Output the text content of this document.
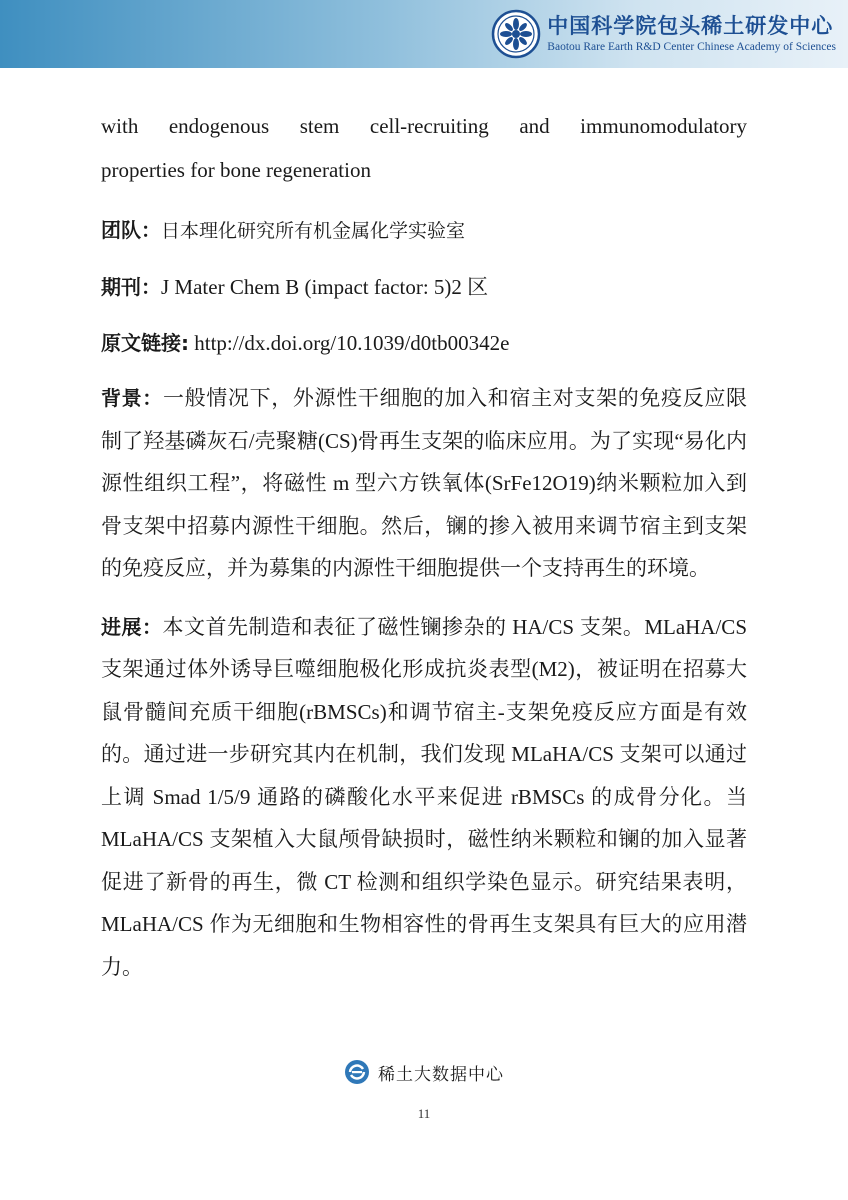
中国科学院包头稀土研发中心
Baotou Rare Earth R&D Center Chinese Academy of Sciences

with endogenous stem cell-recruiting and immunomodulatory
properties for bone regeneration

团队：日本理化研究所有机金属化学实验室

期刊：J Mater Chem B (impact factor: 5)2 区

原文链接: http://dx.doi.org/10.1039/d0tb00342e

背景：一般情况下，外源性干细胞的加入和宿主对支架的免疫反应限制了羟基磷灰石/壳聚糖(CS)骨再生支架的临床应用。为了实现“易化内源性组织工程”，将磁性 m 型六方铁氧体(SrFe12O19)纳米颗粒加入到骨支架中招募内源性干细胞。然后，镧的掺入被用来调节宿主到支架的免疫反应，并为募集的内源性干细胞提供一个支持再生的环境。

进展：本文首先制造和表征了磁性镧掺杂的 HA/CS 支架。MLaHA/CS 支架通过体外诱导巨噬细胞极化形成抗炎表型(M2)，被证明在招募大鼠骨髓间充质干细胞(rBMSCs)和调节宿主-支架免疫反应方面是有效的。通过进一步研究其内在机制，我们发现 MLaHA/CS 支架可以通过上调 Smad 1/5/9 通路的磷酸化水平来促进 rBMSCs 的成骨分化。当 MLaHA/CS 支架植入大鼠颅骨缺损时，磁性纳米颗粒和镧的加入显著促进了新骨的再生，微 CT 检测和组织学染色显示。研究结果表明，MLaHA/CS 作为无细胞和生物相容性的骨再生支架具有巨大的应用潜力。

稀土大数据中心
11
